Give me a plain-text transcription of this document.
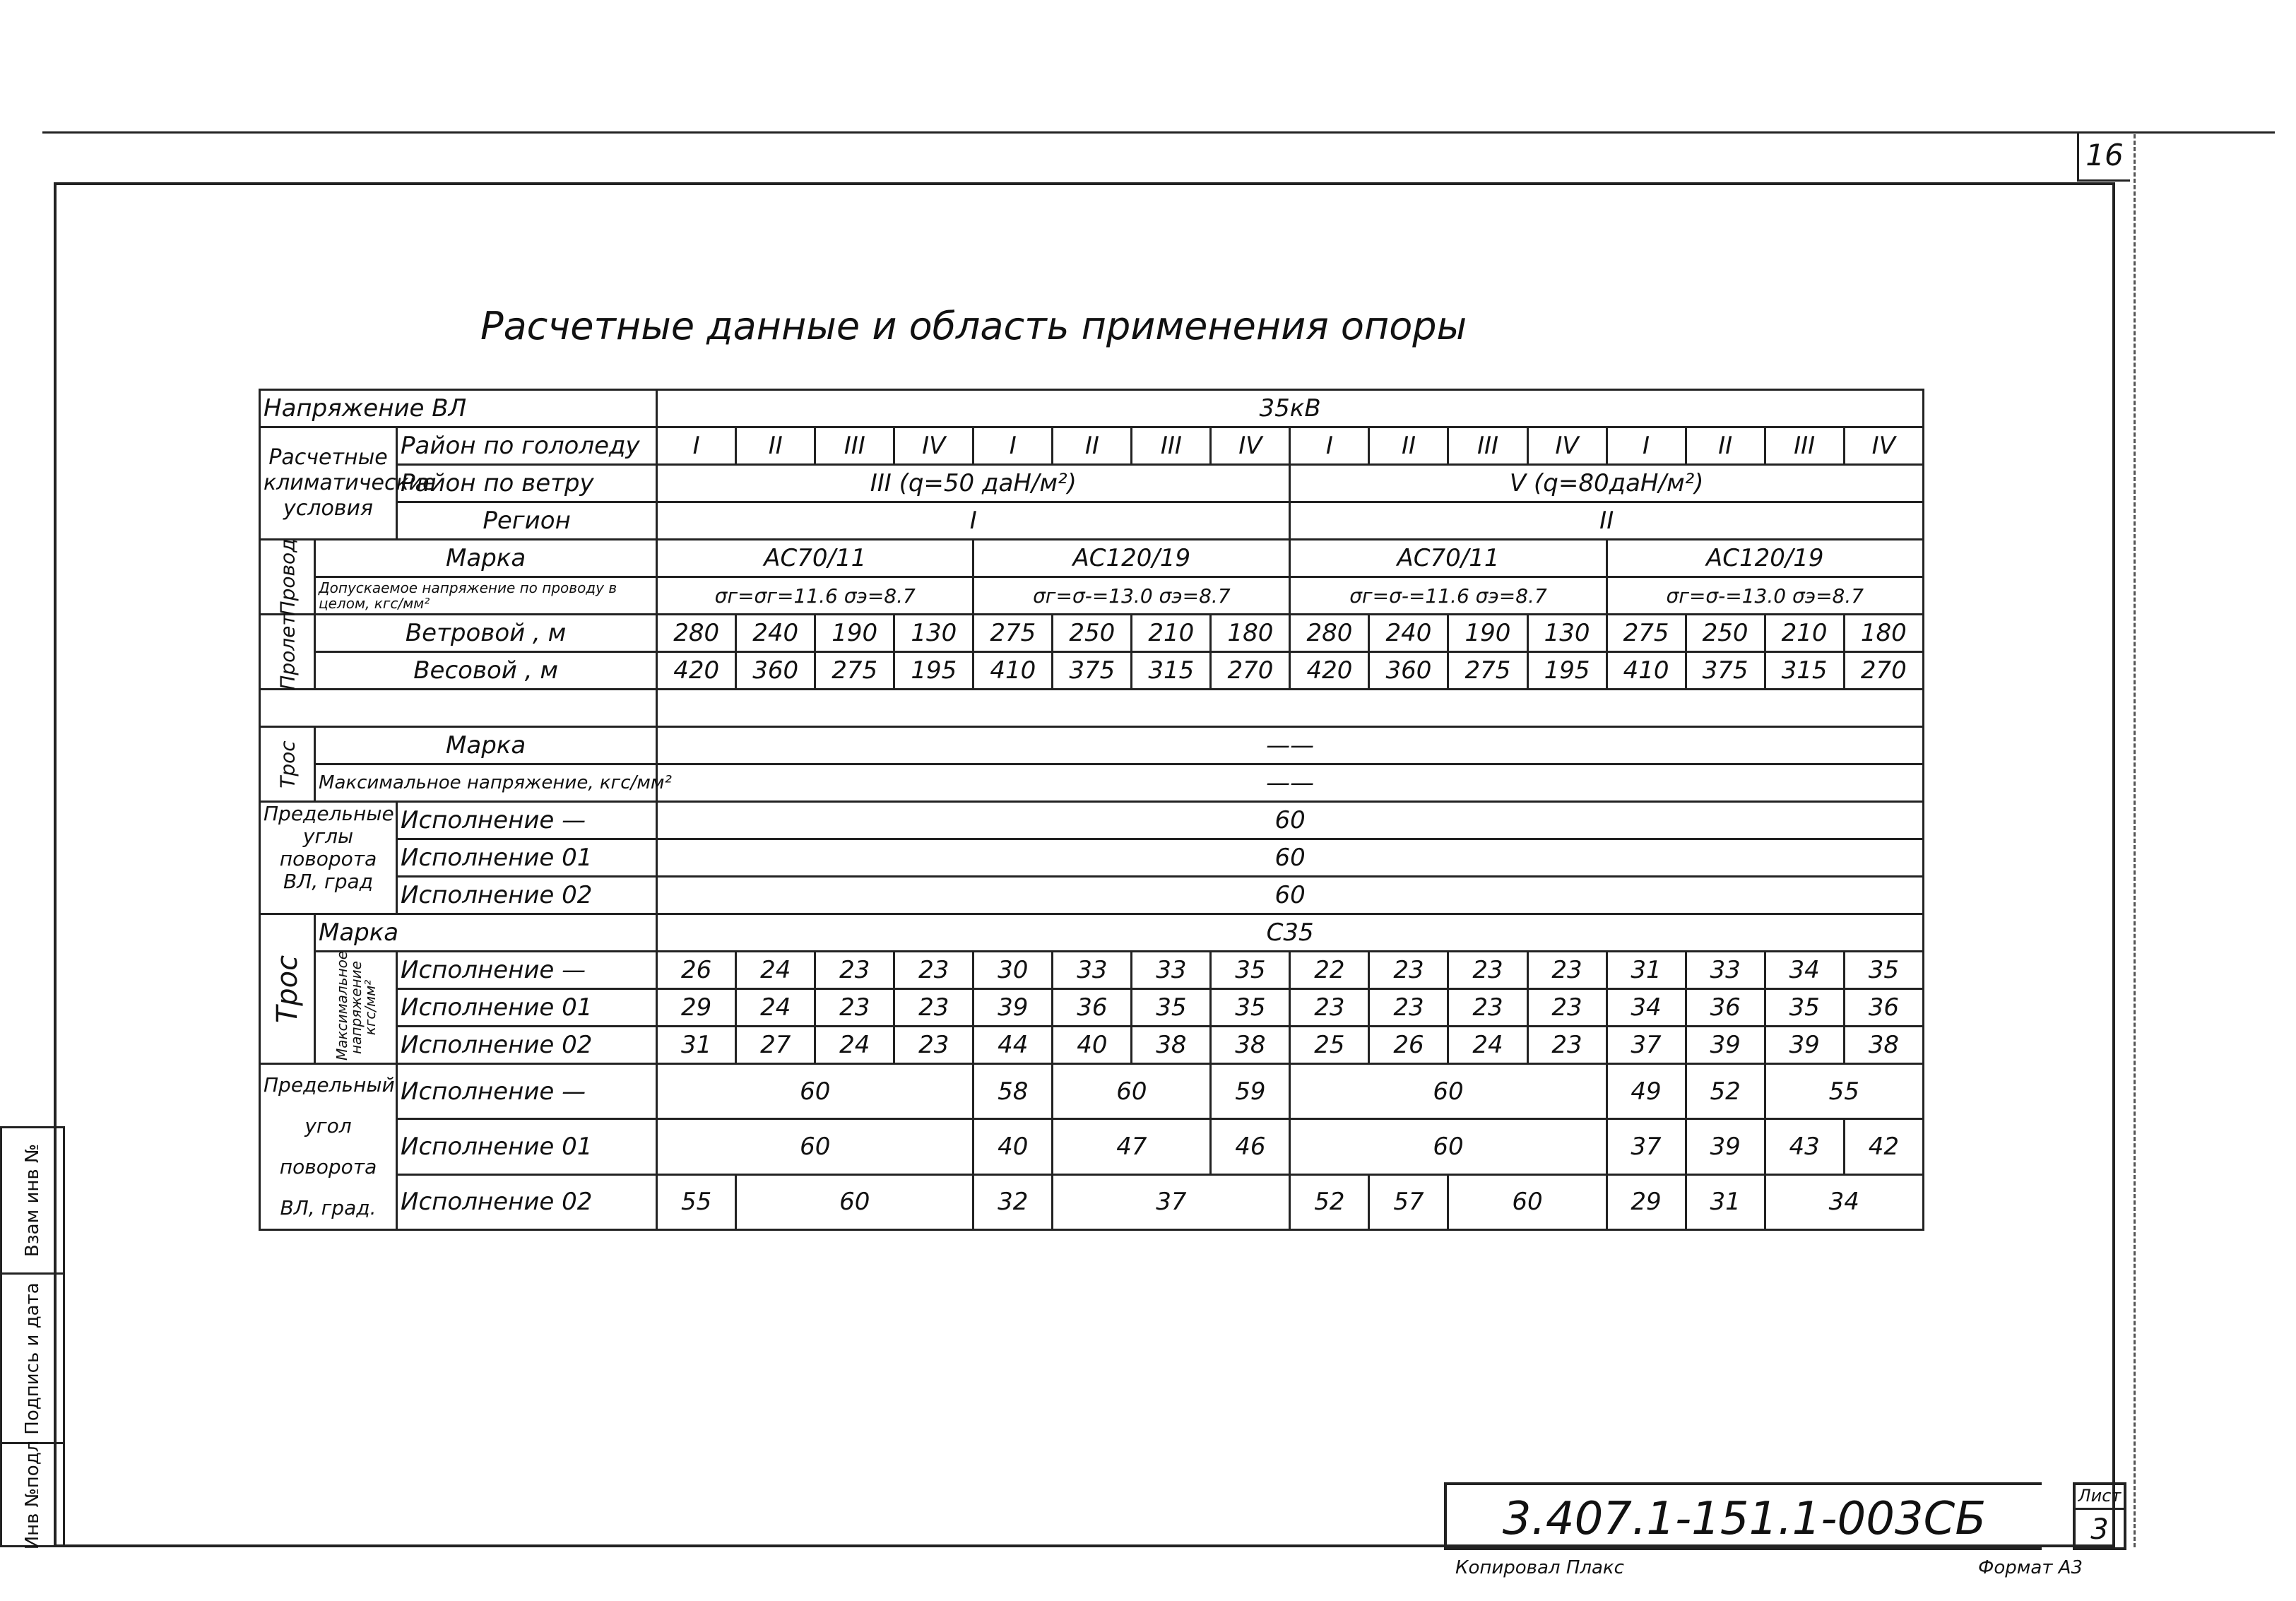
16
Взам инв №
Подпись и дата
Инв №подл
Расчетные данные и область применения опоры
Напряжение ВЛ			35кВ															
Расчетные климатические условия		Район по гололеду	I	II	III	IV	I	II	III	IV	I	II	III	IV	I	II	III	IV
		Район по ветру	III (q=50 даН/м²)								V (q=80даН/м²)							
		Регион	I								II							

Провод	Марка		АС70/11				АС120/19				АС70/11				АС120/19			
	Допускаемое напряжение по проводу в целом, кгс/мм²		σг=σг=11.6 σэ=8.7				σг=σ-=13.0 σэ=8.7				σг=σ-=11.6 σэ=8.7				σг=σ-=13.0 σэ=8.7			

Пролет	Ветровой , м		280	240	190	130	275	250	210	180	280	240	190	130	275	250	210	180
	Весовой , м		420	360	275	195	410	375	315	270	420	360	275	195	410	375	315	270

Трос	Марка		——															
	Максимальное напряжение, кгс/мм²		——															
Предельные углы поворота ВЛ, град		Исполнение —	60															
		Исполнение 01	60															
		Исполнение 02	60															

Трос	Марка		С35															

	Максимальное напряжение кгс/мм²	Исполнение —	26	24	23	23	30	33	33	35	22	23	23	23	31	33	34	35
		Исполнение 01	29	24	23	23	39	36	35	35	23	23	23	23	34	36	35	36
		Исполнение 02	31	27	24	23	44	40	38	38	25	26	24	23	37	39	39	38
Предельный угол поворота ВЛ, град.		Исполнение —	60				58	60		59	60				49	52	55	
		Исполнение 01	60				40	47		46	60				37	39	43	42
		Исполнение 02	55	60			32	37			52	57	60		29	31	34	
3.407.1-151.1-003СБ	Лист
3
Копировал Плакс	Формат А3
